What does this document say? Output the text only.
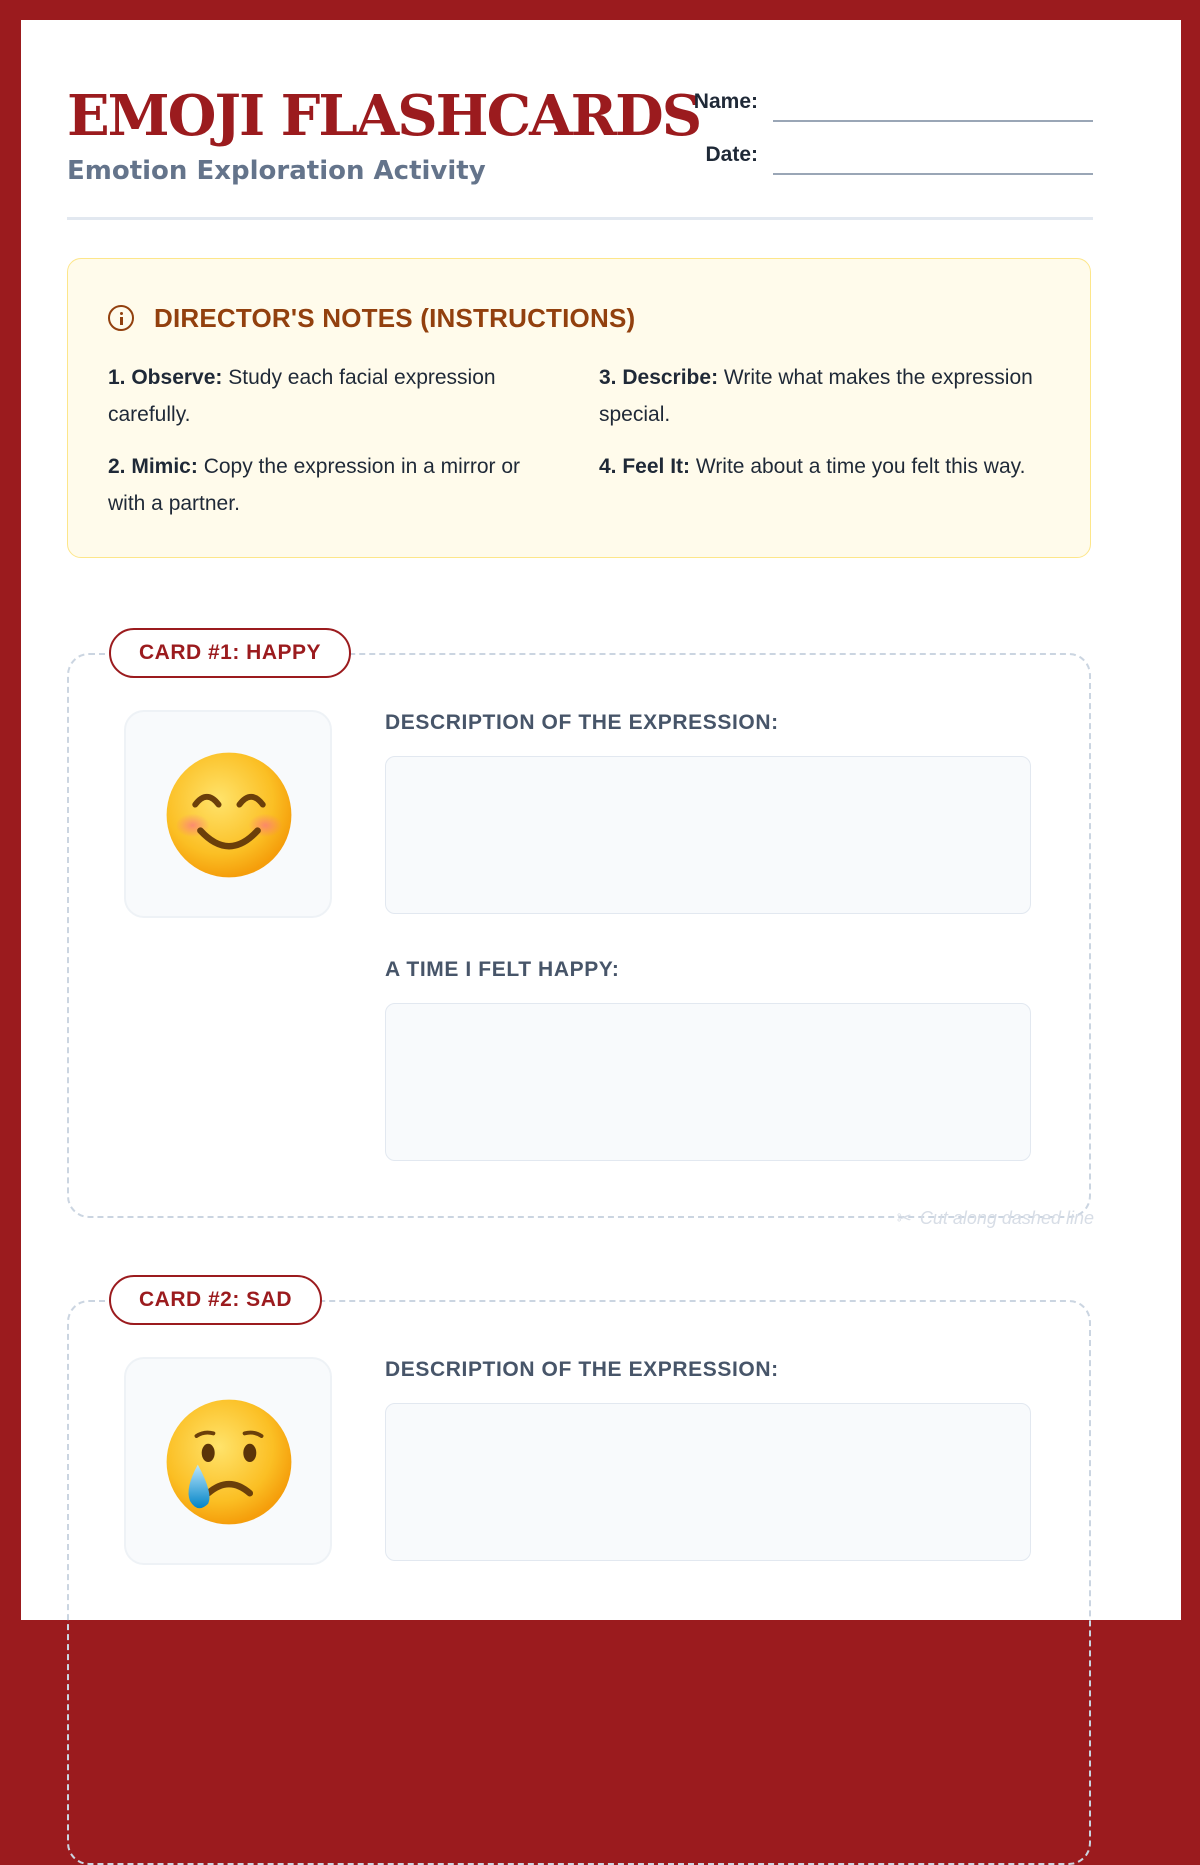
EMOJI FLASHCARDS
Emotion Exploration Activity
Name:
Date:
DIRECTOR'S NOTES (INSTRUCTIONS)
1. Observe: Study each facial expression carefully.
2. Mimic: Copy the expression in a mirror or with a partner.
3. Describe: Write what makes the expression special.
4. Feel It: Write about a time you felt this way.
CARD #1: HAPPY
DESCRIPTION OF THE EXPRESSION:
A TIME I FELT HAPPY:
✂ Cut along dashed line
CARD #2: SAD
DESCRIPTION OF THE EXPRESSION:
